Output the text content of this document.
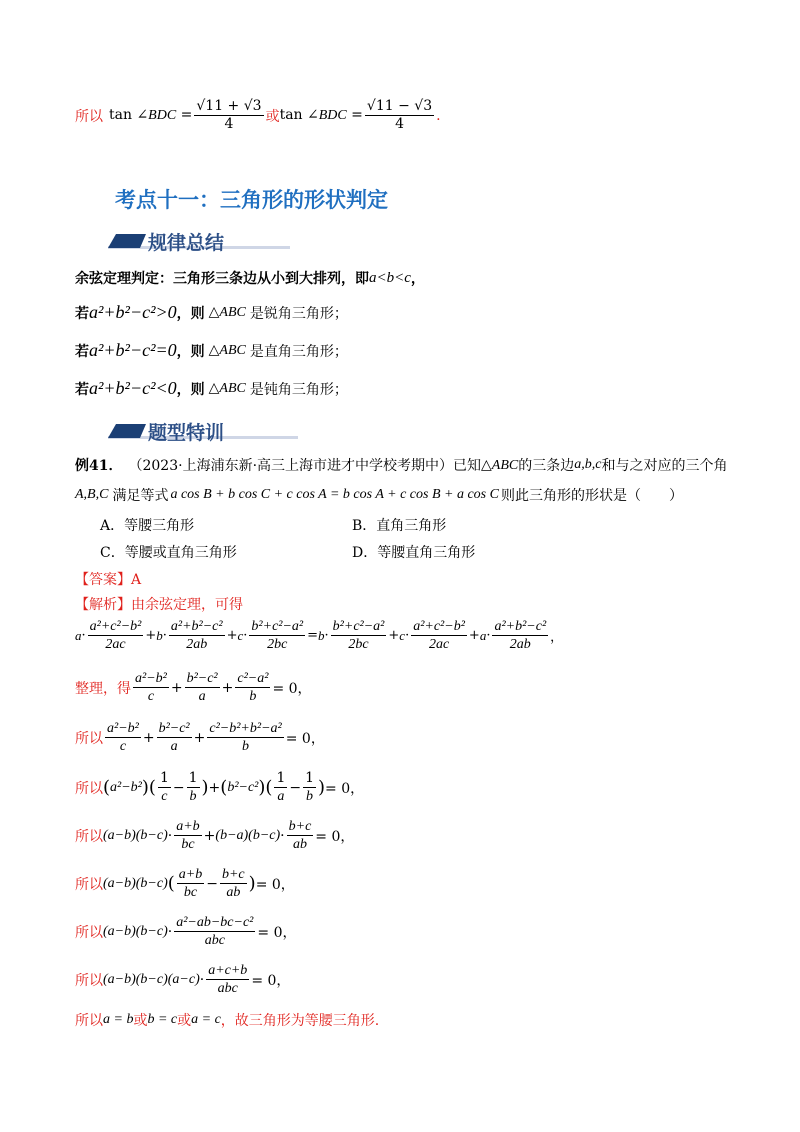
所以 tan ∠BDC = $\frac{√11 + √3}{4}$ 或 tan ∠BDC = $\frac{√11 - √3}{4}$ .
考点十一：三角形的形状判定
规律总结
余弦定理判定：三角形三条边从小到大排列，即 a<b<c ，
若 a²+b²−c²>0 ，则 △ABC 是锐角三角形；
若 a²+b²−c²=0 ，则 △ABC 是直角三角形；
若 a²+b²−c²<0 ，则 △ABC 是钝角三角形；
题型特训
例41． （2023·上海浦东新·高三上海市进才中学校考期中）已知 △ABC 的三条边 a,b,c 和与之对应的三个角
A,B,C 满足等式 a cos B + b cos C + c cos A = b cos A + c cos B + a cos C 则此三角形的形状是（　　）
A．等腰三角形	B．直角三角形
C．等腰或直角三角形	D．等腰直角三角形
【答案】A
【解析】由余弦定理，可得
$a \cdot \frac{\text{a²+c²−b²}}{2ac} + b \cdot \frac{\text{a²+b²−c²}}{2ab} + c \cdot \frac{\text{b²+c²−a²}}{2bc} = b \cdot \frac{\text{b²+c²−a²}}{2bc} + c \cdot \frac{\text{a²+c²−b²}}{2ac} + a \cdot \frac{\text{a²+b²−c²}}{2ab}$ ，
整理，得 $\frac{\text{a²−b²}}{c} + \frac{\text{b²−c²}}{a} + \frac{\text{c²−a²}}{b} = 0$，
所以 $\frac{\text{a²−b²}}{c} + \frac{\text{b²−c²}}{a} + \frac{\text{c²−b²+b²−a²}}{b} = 0$，
所以 ( a²−b² ) ( $\frac{1}{c} - \frac{1}{b}$ ) + ( b²−c² ) ( $\frac{1}{a} - \frac{1}{b}$ ) = 0，
所以 $(a-b)(b-c) \cdot \frac{a+b}{bc} + (b-a)(b-c) \cdot \frac{b+c}{ab} = 0$，
所以 (a−b)(b−c) ( $\frac{a+b}{bc} - \frac{b+c}{ab}$ ) = 0，
所以 $(a-b)(b-c) \cdot \frac{\text{a²−ab−bc−c²}}{\text{abc}} = 0$，
所以 $(a-b)(b-c)(a-c) \cdot \frac{a+c+b}{\text{abc}} = 0$，
所以 a = b 或 b = c 或 a = c ，故三角形为等腰三角形.
